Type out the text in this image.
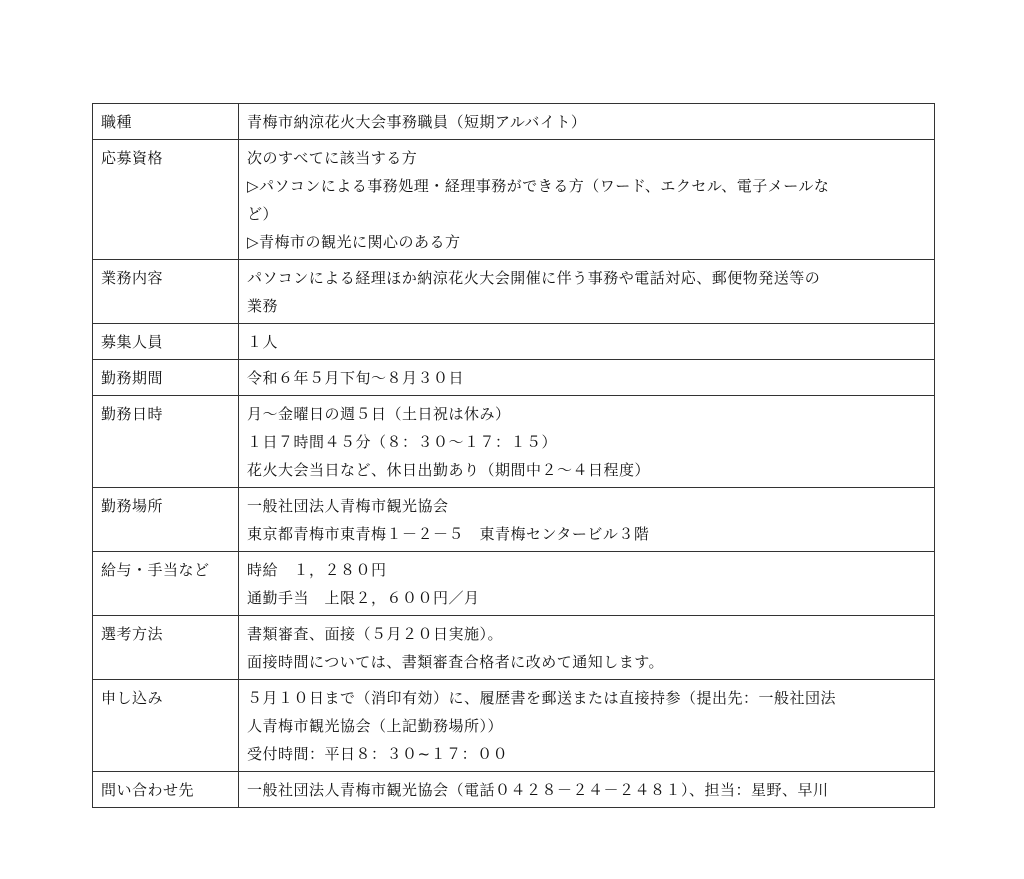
職種	青梅市納涼花火大会事務職員（短期アルバイト）

応募資格	次のすべてに該当する方
▷パソコンによる事務処理・経理事務ができる方（ワード、エクセル、電子メールな
ど）
▷青梅市の観光に関心のある方

業務内容	パソコンによる経理ほか納涼花火大会開催に伴う事務や電話対応、郵便物発送等の
業務

募集人員	１人

勤務期間	令和６年５月下旬～８月３０日

勤務日時	月～金曜日の週５日（土日祝は休み）
１日７時間４５分（８：３０～１７：１５）
花火大会当日など、休日出勤あり（期間中２～４日程度）

勤務場所	一般社団法人青梅市観光協会
東京都青梅市東青梅１－２－５　東青梅センタービル３階

給与・手当など	時給　１，２８０円
通勤手当　上限２，６００円／月

選考方法	書類審査、面接（５月２０日実施）。
面接時間については、書類審査合格者に改めて通知します。

申し込み	５月１０日まで（消印有効）に、履歴書を郵送または直接持参（提出先：一般社団法
人青梅市観光協会（上記勤務場所））
受付時間：平日８：３０~１７：００

問い合わせ先	一般社団法人青梅市観光協会（電話０４２８－２４－２４８１）、担当：星野、早川
